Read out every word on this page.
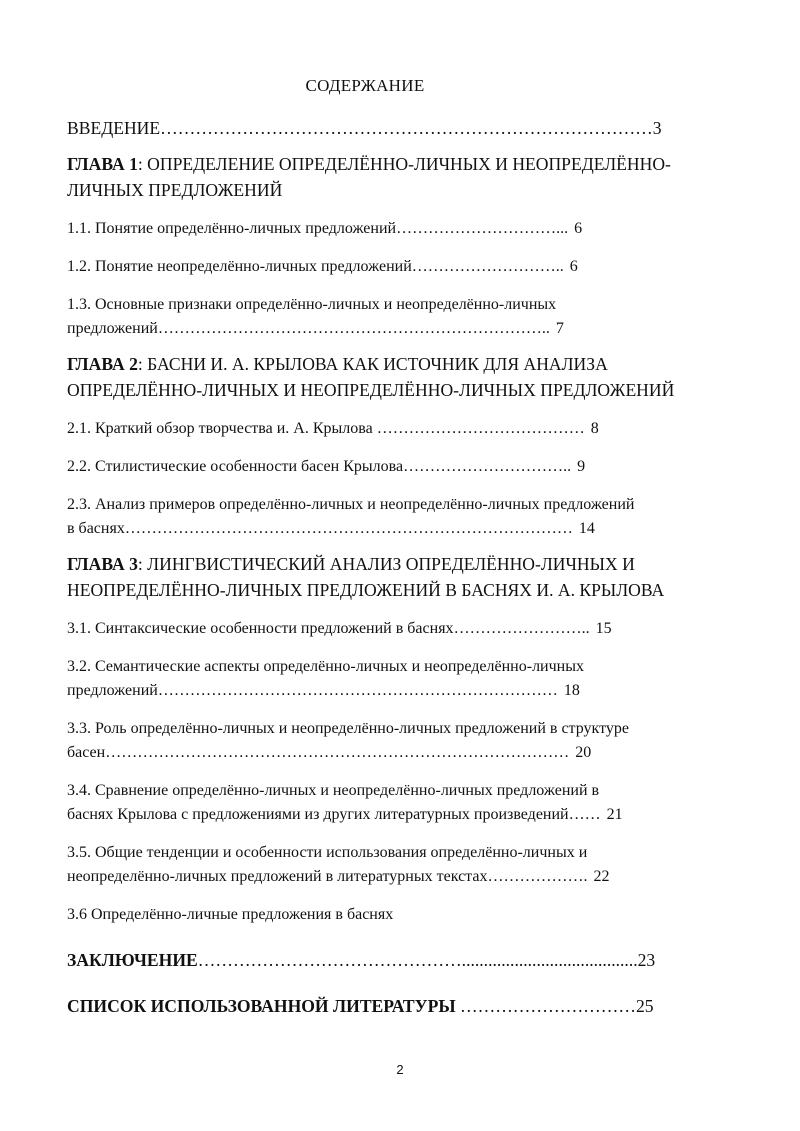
СОДЕРЖАНИЕ
ВВЕДЕНИЕ…………………………………………………………………………3
ГЛАВА 1: ОПРЕДЕЛЕНИЕ ОПРЕДЕЛЁННО-ЛИЧНЫХ И НЕОПРЕДЕЛЁННО-
ЛИЧНЫХ ПРЕДЛОЖЕНИЙ
1.1. Понятие определённо-личных предложений…………………………... 6
1.2. Понятие неопределённо-личных предложений……………………….. 6
1.3. Основные признаки определённо-личных и неопределённо-личных
предложений……………………………………………………………….. 7
ГЛАВА 2: БАСНИ И. А. КРЫЛОВА КАК ИСТОЧНИК ДЛЯ АНАЛИЗА
ОПРЕДЕЛЁННО-ЛИЧНЫХ И НЕОПРЕДЕЛЁННО-ЛИЧНЫХ ПРЕДЛОЖЕНИЙ
2.1. Краткий обзор творчества и. А. Крылова ………………………………… 8
2.2. Стилистические особенности басен Крылова………………………….. 9
2.3. Анализ примеров определённо-личных и неопределённо-личных предложений
в баснях………………………………………………………………………… 14
ГЛАВА 3: ЛИНГВИСТИЧЕСКИЙ АНАЛИЗ ОПРЕДЕЛЁННО-ЛИЧНЫХ И
НЕОПРЕДЕЛЁННО-ЛИЧНЫХ ПРЕДЛОЖЕНИЙ В БАСНЯХ И. А. КРЫЛОВА
3.1. Синтаксические особенности предложений в баснях…………………….. 15
3.2. Семантические аспекты определённо-личных и неопределённо-личных
предложений………………………………………………………………… 18
3.3. Роль определённо-личных и неопределённо-личных предложений в структуре
басен…………………………………………………………………………… 20
3.4. Сравнение определённо-личных и неопределённо-личных предложений в
баснях Крылова с предложениями из других литературных произведений…… 21
3.5. Общие тенденции и особенности использования определённо-личных и
неопределённо-личных предложений в литературных текстах………………. 22
3.6 Определённо-личные предложения в баснях
ЗАКЛЮЧЕНИЕ………………………………………........................................23
СПИСОК ИСПОЛЬЗОВАННОЙ ЛИТЕРАТУРЫ …………………………25
2
